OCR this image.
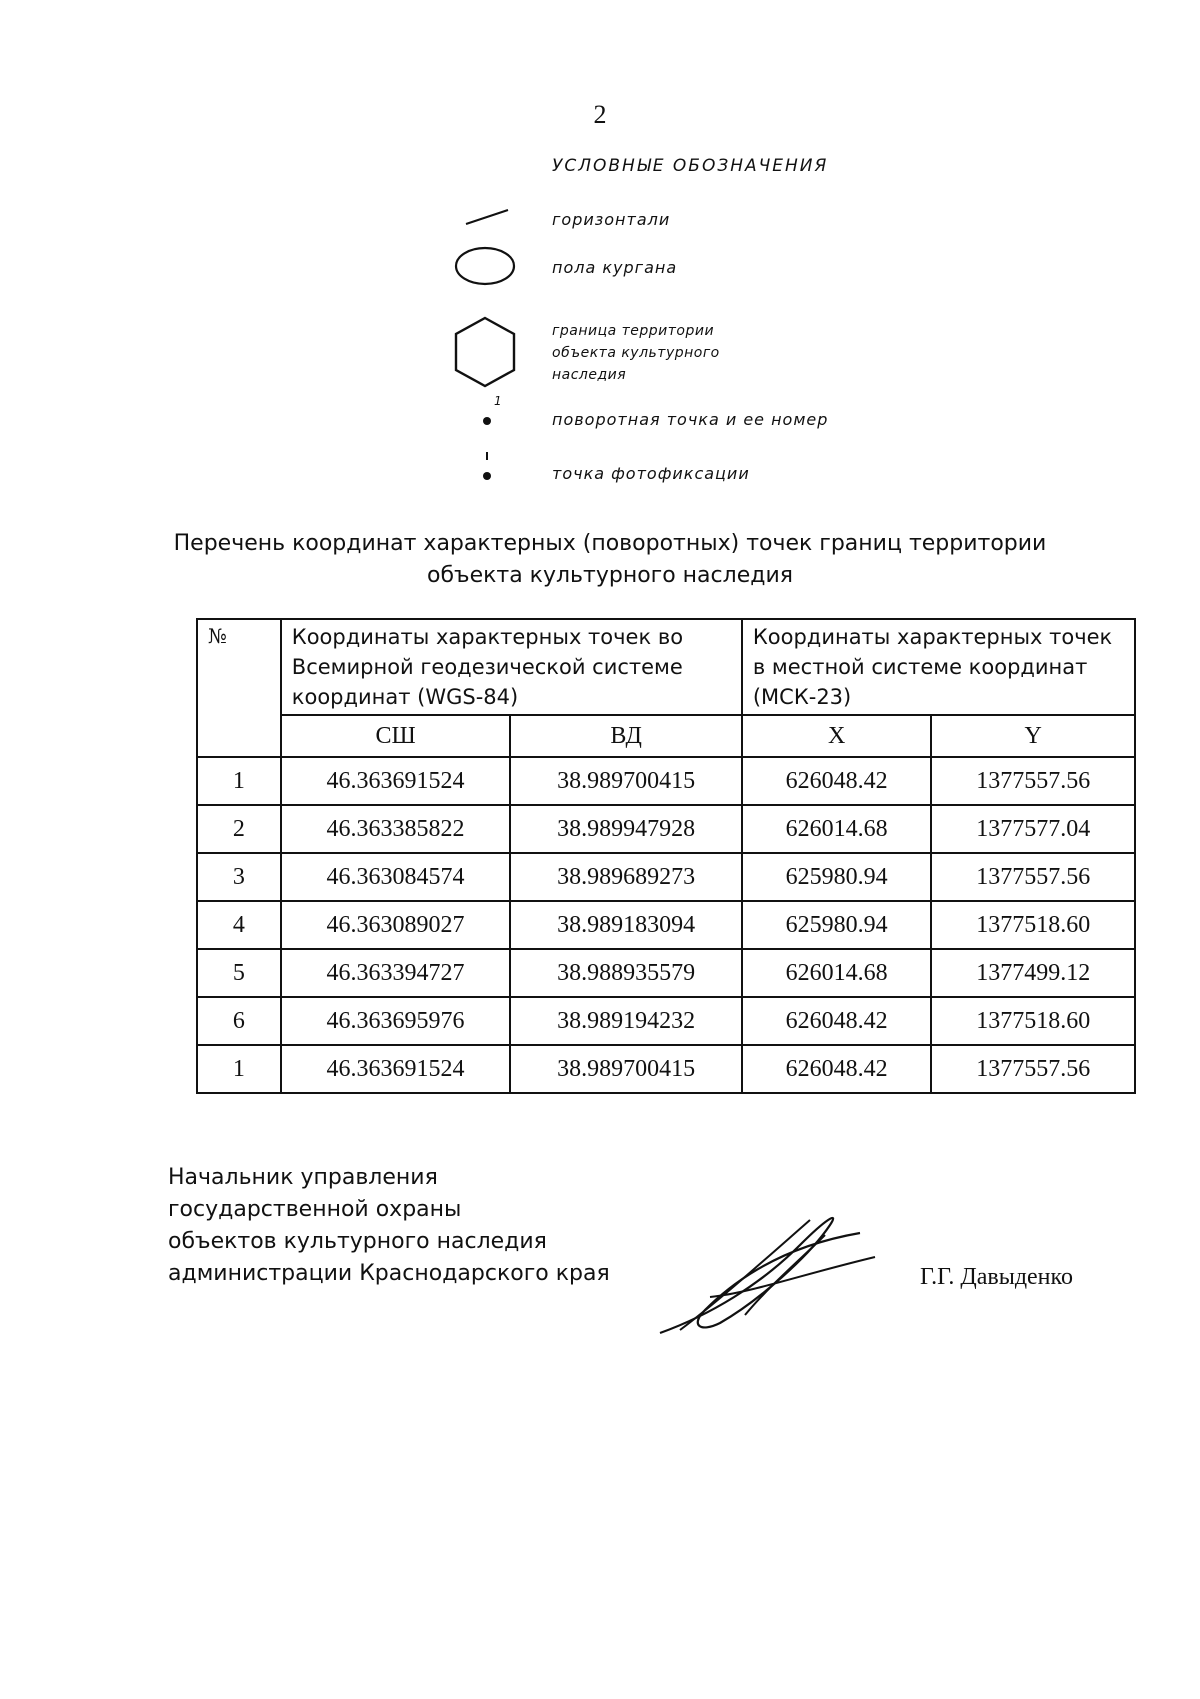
2
УСЛОВНЫЕ ОБОЗНАЧЕНИЯ
горизонтали
пола кургана
граница территории объекта культурного наследия
1
поворотная точка и ее номер
точка фотофиксации
Перечень координат характерных (поворотных) точек границ территории
объекта культурного наследия
№	Координаты характерных точек во Всемирной геодезической системе координат (WGS-84)		Координаты характерных точек в местной системе координат (МСК-23)	
	СШ	ВД	X	Y
1	46.363691524	38.989700415	626048.42	1377557.56
2	46.363385822	38.989947928	626014.68	1377577.04
3	46.363084574	38.989689273	625980.94	1377557.56
4	46.363089027	38.989183094	625980.94	1377518.60
5	46.363394727	38.988935579	626014.68	1377499.12
6	46.363695976	38.989194232	626048.42	1377518.60
1	46.363691524	38.989700415	626048.42	1377557.56
Начальник управления
государственной охраны
объектов культурного наследия
администрации Краснодарского края	Г.Г. Давыденко
